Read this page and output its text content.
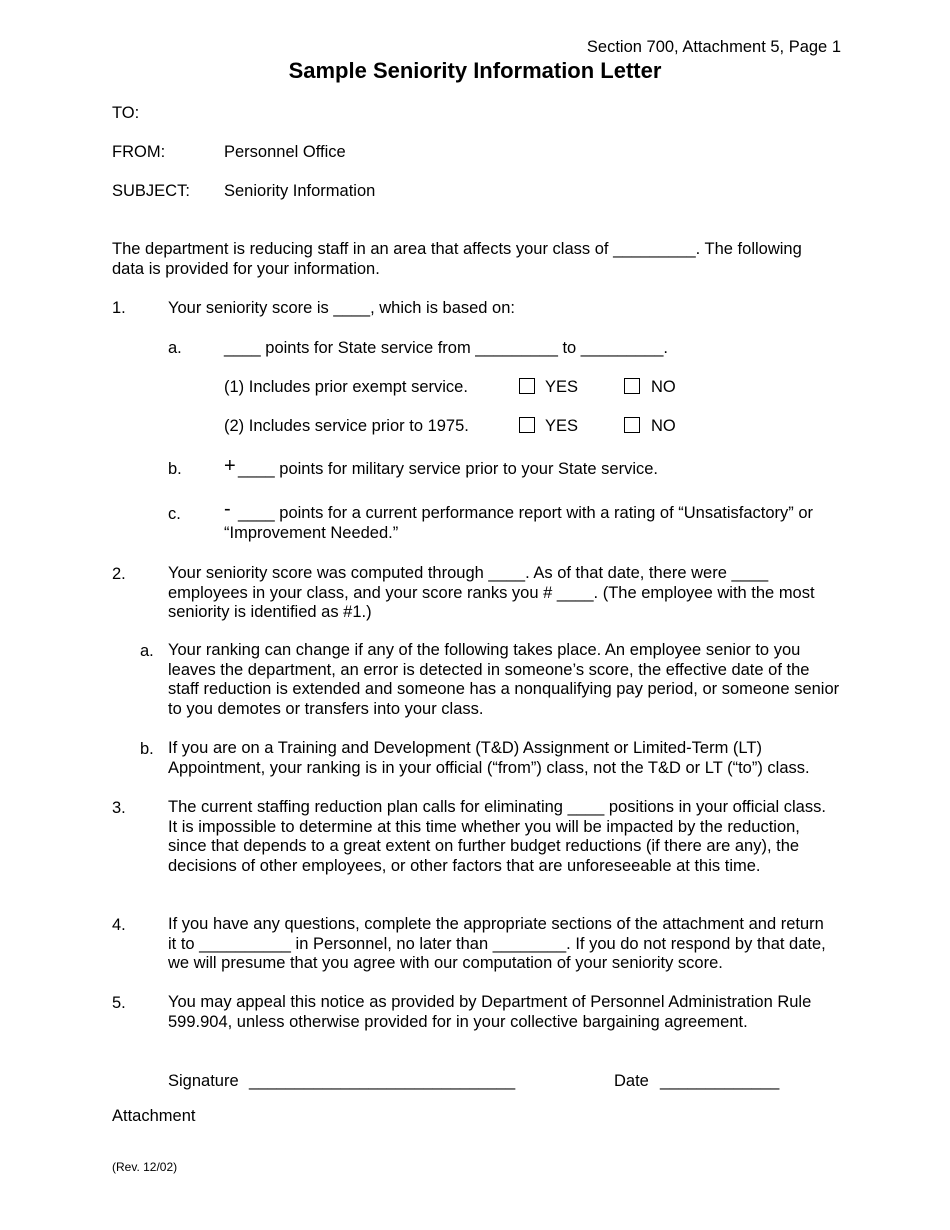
Section 700, Attachment 5, Page 1
Sample Seniority Information Letter
TO:
FROM:	Personnel Office
SUBJECT: Seniority Information
The department is reducing staff in an area that affects your class of _________. The following data is provided for your information.
1.	Your seniority score is ____, which is based on:
a.	____ points for State service from _________ to _________.
(1) Includes prior exempt service.	YES	NO
(2) Includes service prior to 1975.	YES	NO
b. + ____ points for military service prior to your State service.
c. - ____ points for a current performance report with a rating of “Unsatisfactory” or “Improvement Needed.”
2.	Your seniority score was computed through ____. As of that date, there were ____ employees in your class, and your score ranks you # ____. (The employee with the most seniority is identified as #1.)
a. Your ranking can change if any of the following takes place. An employee senior to you leaves the department, an error is detected in someone’s score, the effective date of the staff reduction is extended and someone has a nonqualifying pay period, or someone senior to you demotes or transfers into your class.
b. If you are on a Training and Development (T&D) Assignment or Limited-Term (LT) Appointment, your ranking is in your official (“from”) class, not the T&D or LT (“to”) class.
3.	The current staffing reduction plan calls for eliminating ____ positions in your official class. It is impossible to determine at this time whether you will be impacted by the reduction, since that depends to a great extent on further budget reductions (if there are any), the decisions of other employees, or other factors that are unforeseeable at this time.
4.	If you have any questions, complete the appropriate sections of the attachment and return it to __________ in Personnel, no later than ________. If you do not respond by that date, we will presume that you agree with our computation of your seniority score.
5.	You may appeal this notice as provided by Department of Personnel Administration Rule 599.904, unless otherwise provided for in your collective bargaining agreement.
Signature _____________________________	Date _____________
Attachment
(Rev. 12/02)
